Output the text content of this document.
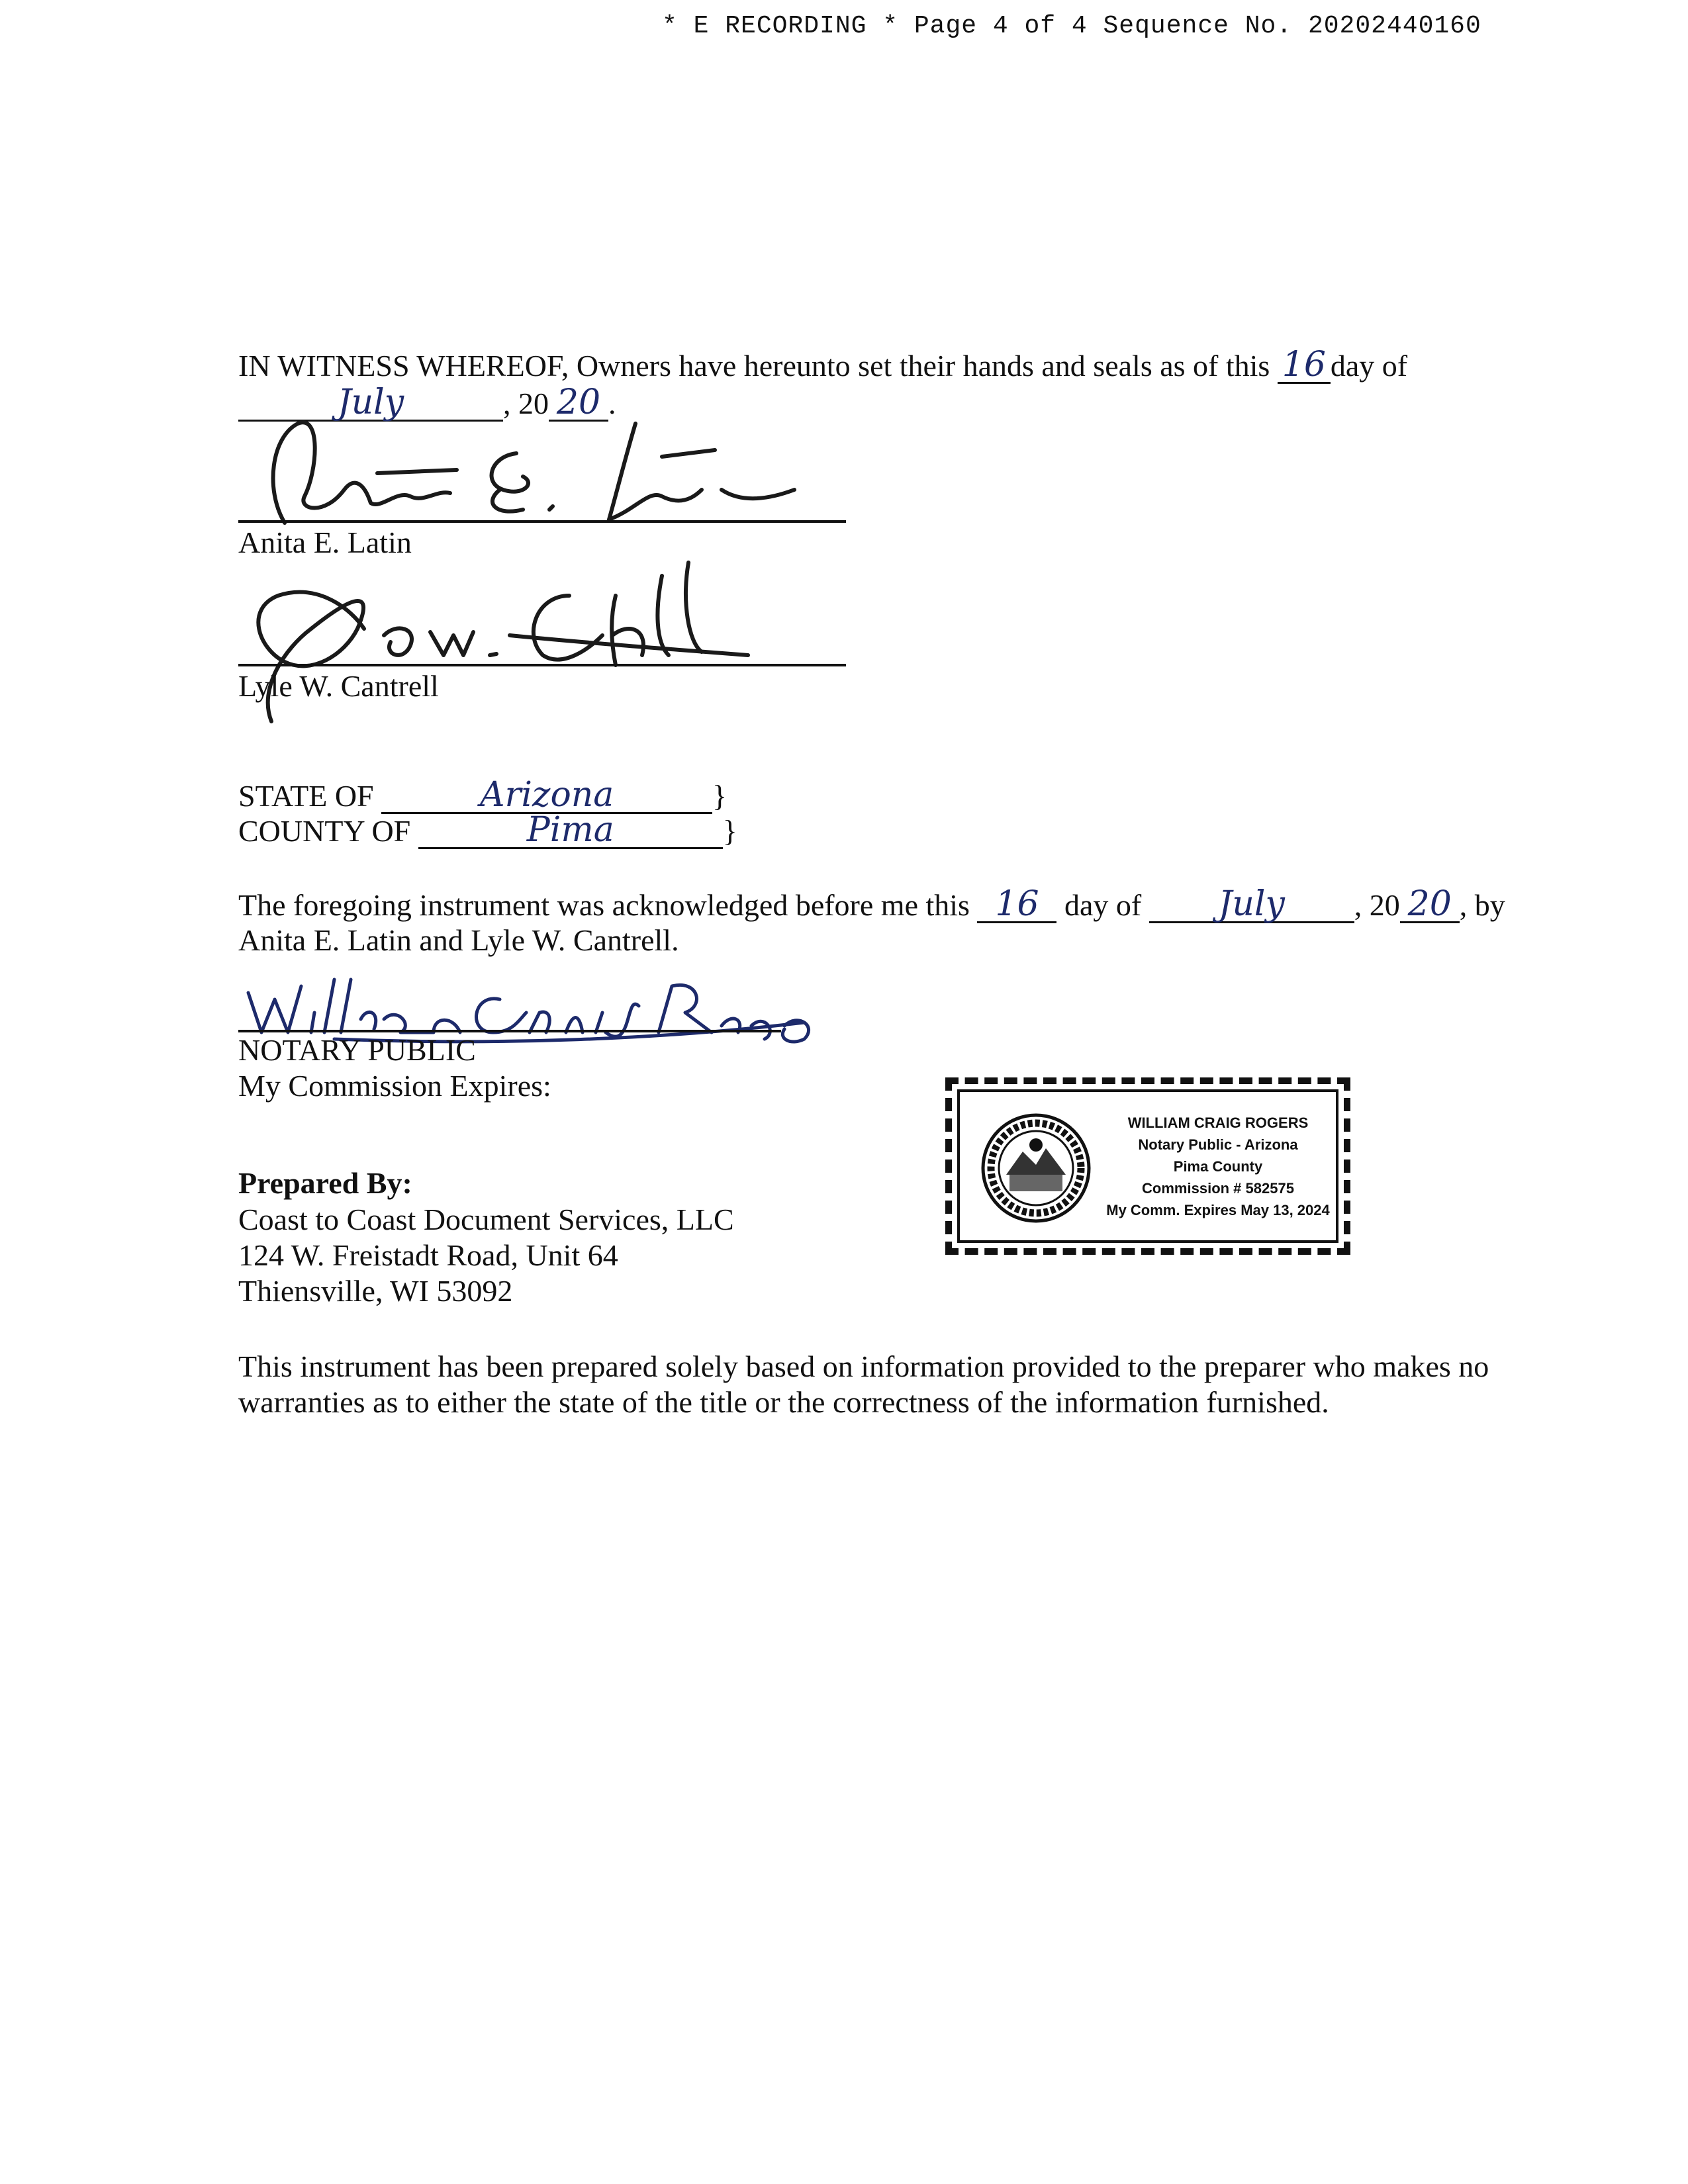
* E RECORDING * Page 4 of 4 Sequence No. 20202440160
IN WITNESS WHEREOF, Owners have hereunto set their hands and seals as of this 16 day of
July	, 20 20 .
Anita E. Latin
Lyle W. Cantrell
STATE OF	Arizona	}
COUNTY OF	Pima	}
The foregoing instrument was acknowledged before me this 16 day of July , 20 20 , by
Anita E. Latin and Lyle W. Cantrell.
NOTARY PUBLIC
My Commission Expires:
WILLIAM CRAIG ROGERS
Notary Public - Arizona
Pima County
Commission # 582575
My Comm. Expires May 13, 2024
Prepared By:
Coast to Coast Document Services, LLC
124 W. Freistadt Road, Unit 64
Thiensville, WI 53092
This instrument has been prepared solely based on information provided to the preparer who makes no
warranties as to either the state of the title or the correctness of the information furnished.
